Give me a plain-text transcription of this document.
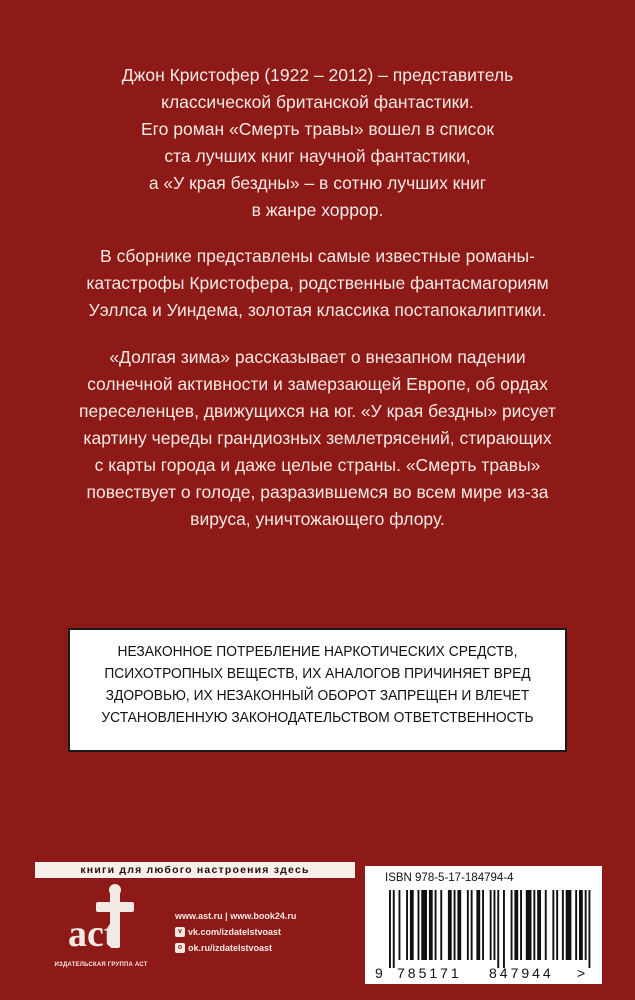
Джон Кристофер (1922 – 2012) – представитель
классической британской фантастики.
Его роман «Смерть травы» вошел в список
ста лучших книг научной фантастики,
а «У края бездны» – в сотню лучших книг
в жанре хоррор.
В сборнике представлены самые известные романы-
катастрофы Кристофера, родственные фантасмагориям
Уэллса и Уиндема, золотая классика постапокалиптики.
«Долгая зима» рассказывает о внезапном падении
солнечной активности и замерзающей Европе, об ордах
переселенцев, движущихся на юг. «У края бездны» рисует
картину череды грандиозных землетрясений, стирающих
с карты города и даже целые страны. «Смерть травы»
повествует о голоде, разразившемся во всем мире из-за
вируса, уничтожающего флору.
НЕЗАКОННОЕ ПОТРЕБЛЕНИЕ НАРКОТИЧЕСКИХ СРЕДСТВ,
ПСИХОТРОПНЫХ ВЕЩЕСТВ, ИХ АНАЛОГОВ ПРИЧИНЯЕТ ВРЕД
ЗДОРОВЬЮ, ИХ НЕЗАКОННЫЙ ОБОРОТ ЗАПРЕЩЕН И ВЛЕЧЕТ
УСТАНОВЛЕННУЮ ЗАКОНОДАТЕЛЬСТВОМ ОТВЕТСТВЕННОСТЬ
книги для любого настроения здесь
act
ИЗДАТЕЛЬСКАЯ ГРУППА АСТ
www.ast.ru | www.book24.ru
v vk.com/izdatelstvoast
o ok.ru/izdatelstvoast
ISBN 978-5-17-184794-4
9 785171 847944 >
